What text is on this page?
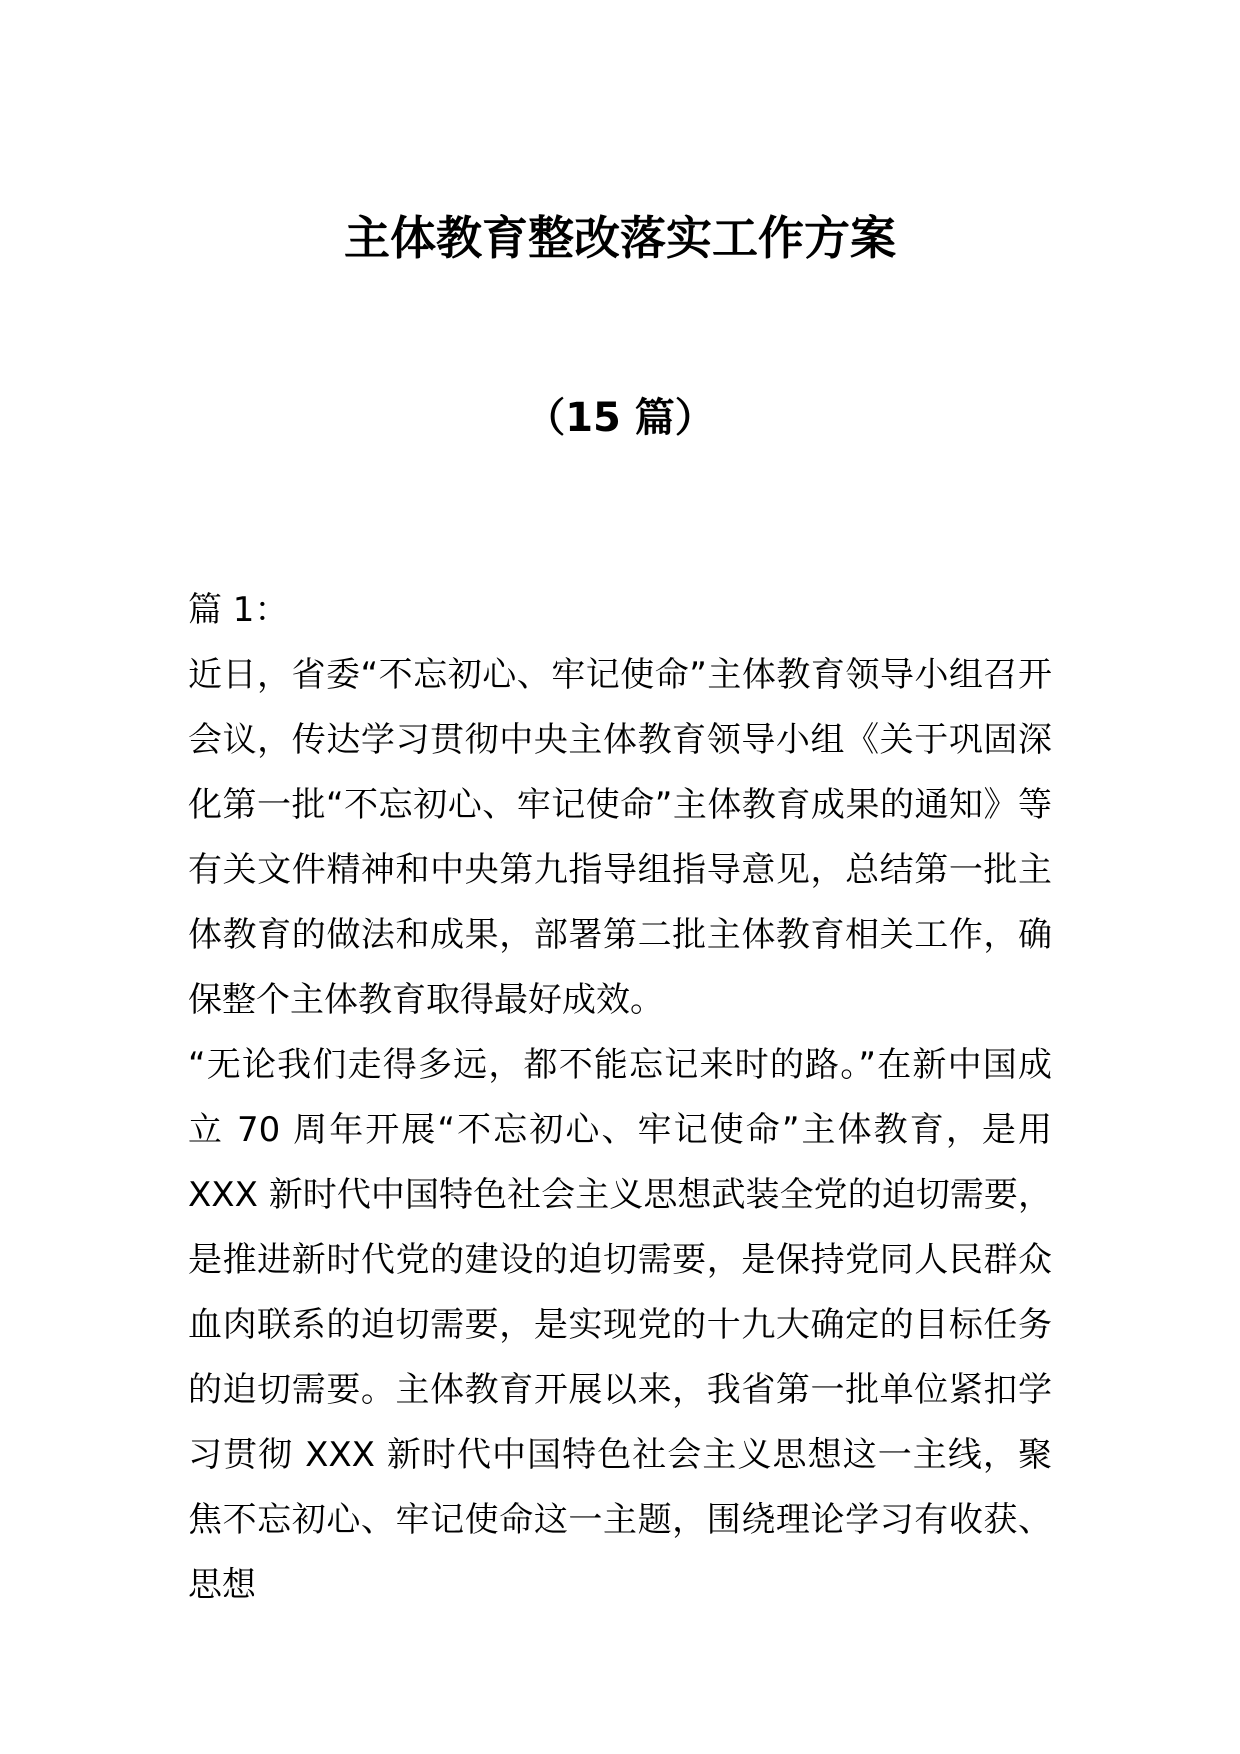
主体教育整改落实工作方案
（15 篇）

篇 1：

近日，省委“不忘初心、牢记使命”主体教育领导小组召开会议，传达学习贯彻中央主体教育领导小组《关于巩固深化第一批“不忘初心、牢记使命”主体教育成果的通知》等有关文件精神和中央第九指导组指导意见，总结第一批主体教育的做法和成果，部署第二批主体教育相关工作，确保整个主体教育取得最好成效。

“无论我们走得多远，都不能忘记来时的路。”在新中国成立 70 周年开展“不忘初心、牢记使命”主体教育，是用 XXX 新时代中国特色社会主义思想武装全党的迫切需要，是推进新时代党的建设的迫切需要，是保持党同人民群众血肉联系的迫切需要，是实现党的十九大确定的目标任务的迫切需要。主体教育开展以来，我省第一批单位紧扣学习贯彻 XXX 新时代中国特色社会主义思想这一主线，聚焦不忘初心、牢记使命这一主题，围绕理论学习有收获、思想
